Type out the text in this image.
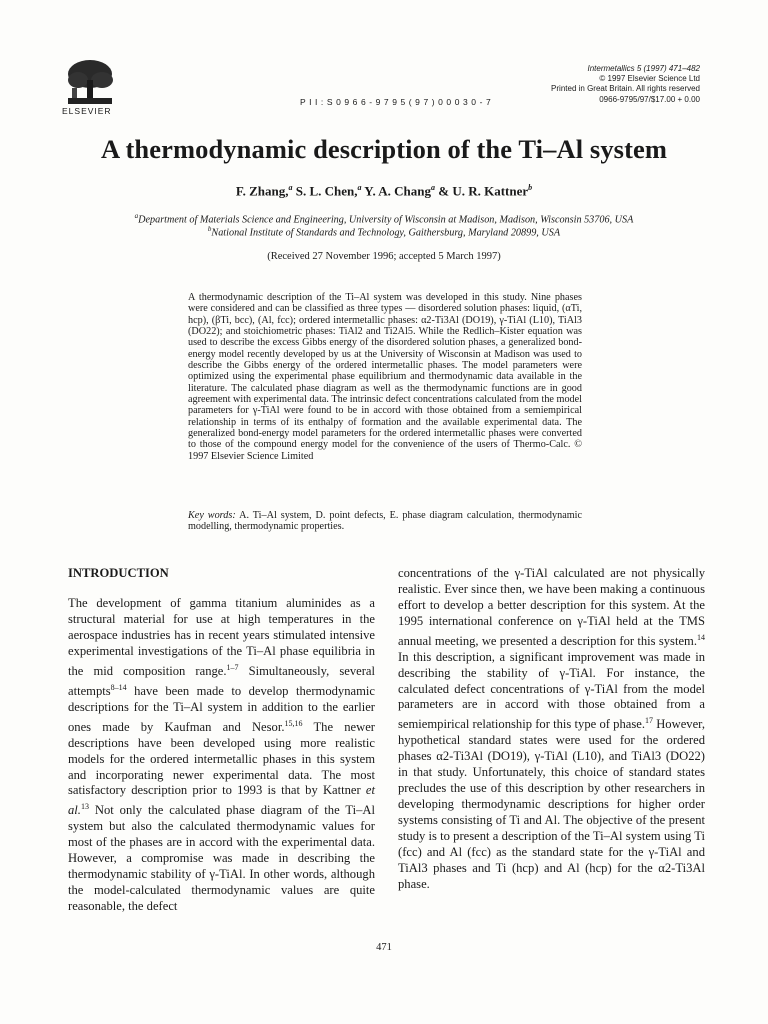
ELSEVIER
P I I : S 0 9 6 6 - 9 7 9 5 ( 9 7 ) 0 0 0 3 0 - 7
Intermetallics 5 (1997) 471–482
© 1997 Elsevier Science Ltd
Printed in Great Britain. All rights reserved
0966-9795/97/$17.00 + 0.00
A thermodynamic description of the Ti–Al system
F. Zhang,$^a$ S. L. Chen,$^a$ Y. A. Chang$^a$ & U. R. Kattner$^b$
$^a$Department of Materials Science and Engineering, University of Wisconsin at Madison, Madison, Wisconsin 53706, USA
$^b$National Institute of Standards and Technology, Gaithersburg, Maryland 20899, USA
(Received 27 November 1996; accepted 5 March 1997)
A thermodynamic description of the Ti–Al system was developed in this study. Nine phases were considered and can be classified as three types — disordered solution phases: liquid, (αTi, hcp), (βTi, bcc), (Al, fcc); ordered intermetallic phases: α2-Ti3Al (DO19), γ-TiAl (L10), TiAl3 (DO22); and stoichiometric phases: TiAl2 and Ti2Al5. While the Redlich–Kister equation was used to describe the excess Gibbs energy of the disordered solution phases, a generalized bond-energy model recently developed by us at the University of Wisconsin at Madison was used to describe the Gibbs energy of the ordered intermetallic phases. The model parameters were optimized using the experimental phase equilibrium and thermodynamic data available in the literature. The calculated phase diagram as well as the thermodynamic functions are in good agreement with experimental data. The intrinsic defect concentrations calculated from the model parameters for γ-TiAl were found to be in accord with those obtained from a semiempirical relationship in terms of its enthalpy of formation and the available experimental data. The generalized bond-energy model parameters for the ordered intermetallic phases were converted to those of the compound energy model for the convenience of the users of Thermo-Calc. © 1997 Elsevier Science Limited
Key words: A. Ti–Al system, D. point defects, E. phase diagram calculation, thermodynamic modelling, thermodynamic properties.
INTRODUCTION

The development of gamma titanium aluminides as a structural material for use at high temperatures in the aerospace industries has in recent years stimulated intensive experimental investigations of the Ti–Al phase equilibria in the mid composition range.$^{1-7}$ Simultaneously, several attempts$^{8-14}$ have been made to develop thermodynamic descriptions for the Ti–Al system in addition to the earlier ones made by Kaufman and Nesor.$^{15,16}$ The newer descriptions have been developed using more realistic models for the ordered intermetallic phases in this system and incorporating newer experimental data. The most satisfactory description prior to 1993 is that by Kattner et al.$^{13}$ Not only the calculated phase diagram of the Ti–Al system but also the calculated thermodynamic values for most of the phases are in accord with the experimental data. However, a compromise was made in describing the thermodynamic stability of γ-TiAl. In other words, although the model-calculated thermodynamic values are quite reasonable, the defect

concentrations of the γ-TiAl calculated are not physically realistic. Ever since then, we have been making a continuous effort to develop a better description for this system. At the 1995 international conference on γ-TiAl held at the TMS annual meeting, we presented a description for this system.$^{14}$ In this description, a significant improvement was made in describing the stability of γ-TiAl. For instance, the calculated defect concentrations of γ-TiAl from the model parameters are in accord with those obtained from a semiempirical relationship for this type of phase.$^{17}$ However, hypothetical standard states were used for the ordered phases α2-Ti3Al (DO19), γ-TiAl (L10), and TiAl3 (DO22) in that study. Unfortunately, this choice of standard states precludes the use of this description by other researchers in developing thermodynamic descriptions for higher order systems consisting of Ti and Al. The objective of the present study is to present a description of the Ti–Al system using Ti (fcc) and Al (fcc) as the standard state for the γ-TiAl and TiAl3 phases and Ti (hcp) and Al (hcp) for the α2-Ti3Al phase.

471
